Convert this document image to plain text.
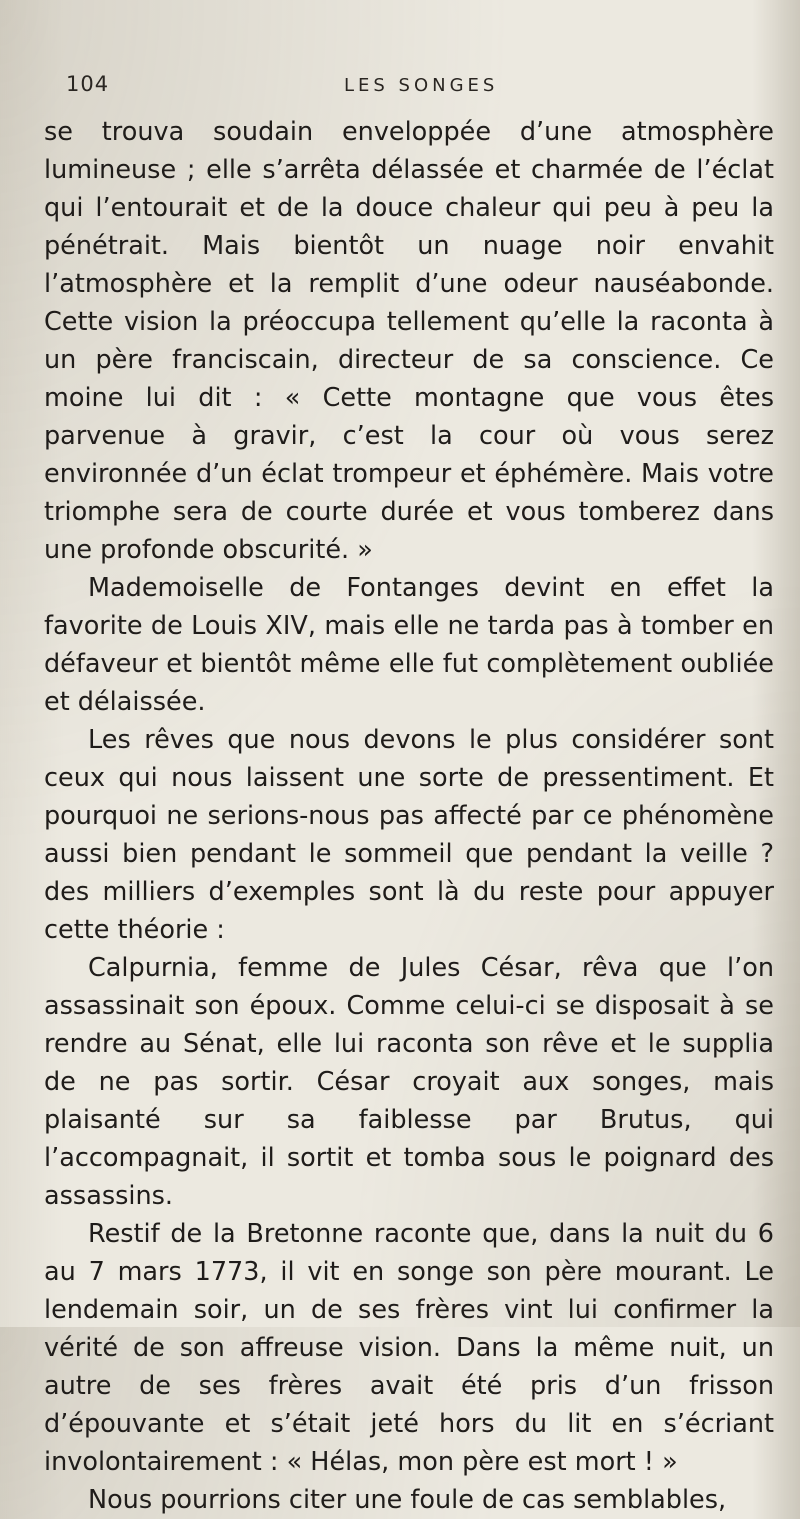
104	LES SONGES

se trouva soudain enveloppée d’une atmosphère lumineuse ; elle s’arrêta délassée et charmée de l’éclat qui l’entourait et de la douce chaleur qui peu à peu la pénétrait. Mais bientôt un nuage noir envahit l’atmosphère et la remplit d’une odeur nauséabonde. Cette vision la préoccupa tellement qu’elle la raconta à un père franciscain, directeur de sa conscience. Ce moine lui dit : « Cette montagne que vous êtes parvenue à gravir, c’est la cour où vous serez environnée d’un éclat trompeur et éphémère. Mais votre triomphe sera de courte durée et vous tomberez dans une profonde obscurité. »

Mademoiselle de Fontanges devint en effet la favorite de Louis XIV, mais elle ne tarda pas à tomber en défaveur et bientôt même elle fut complètement oubliée et délaissée.

Les rêves que nous devons le plus considérer sont ceux qui nous laissent une sorte de pressentiment. Et pourquoi ne serions-nous pas affecté par ce phénomène aussi bien pendant le sommeil que pendant la veille ? des milliers d’exemples sont là du reste pour appuyer cette théorie :

Calpurnia, femme de Jules César, rêva que l’on assassinait son époux. Comme celui-ci se disposait à se rendre au Sénat, elle lui raconta son rêve et le supplia de ne pas sortir. César croyait aux songes, mais plaisanté sur sa faiblesse par Brutus, qui l’accompagnait, il sortit et tomba sous le poignard des assassins.

Restif de la Bretonne raconte que, dans la nuit du 6 au 7 mars 1773, il vit en songe son père mourant. Le lendemain soir, un de ses frères vint lui confirmer la vérité de son affreuse vision. Dans la même nuit, un autre de ses frères avait été pris d’un frisson d’épouvante et s’était jeté hors du lit en s’écriant involontairement : « Hélas, mon père est mort ! »

Nous pourrions citer une foule de cas semblables,
